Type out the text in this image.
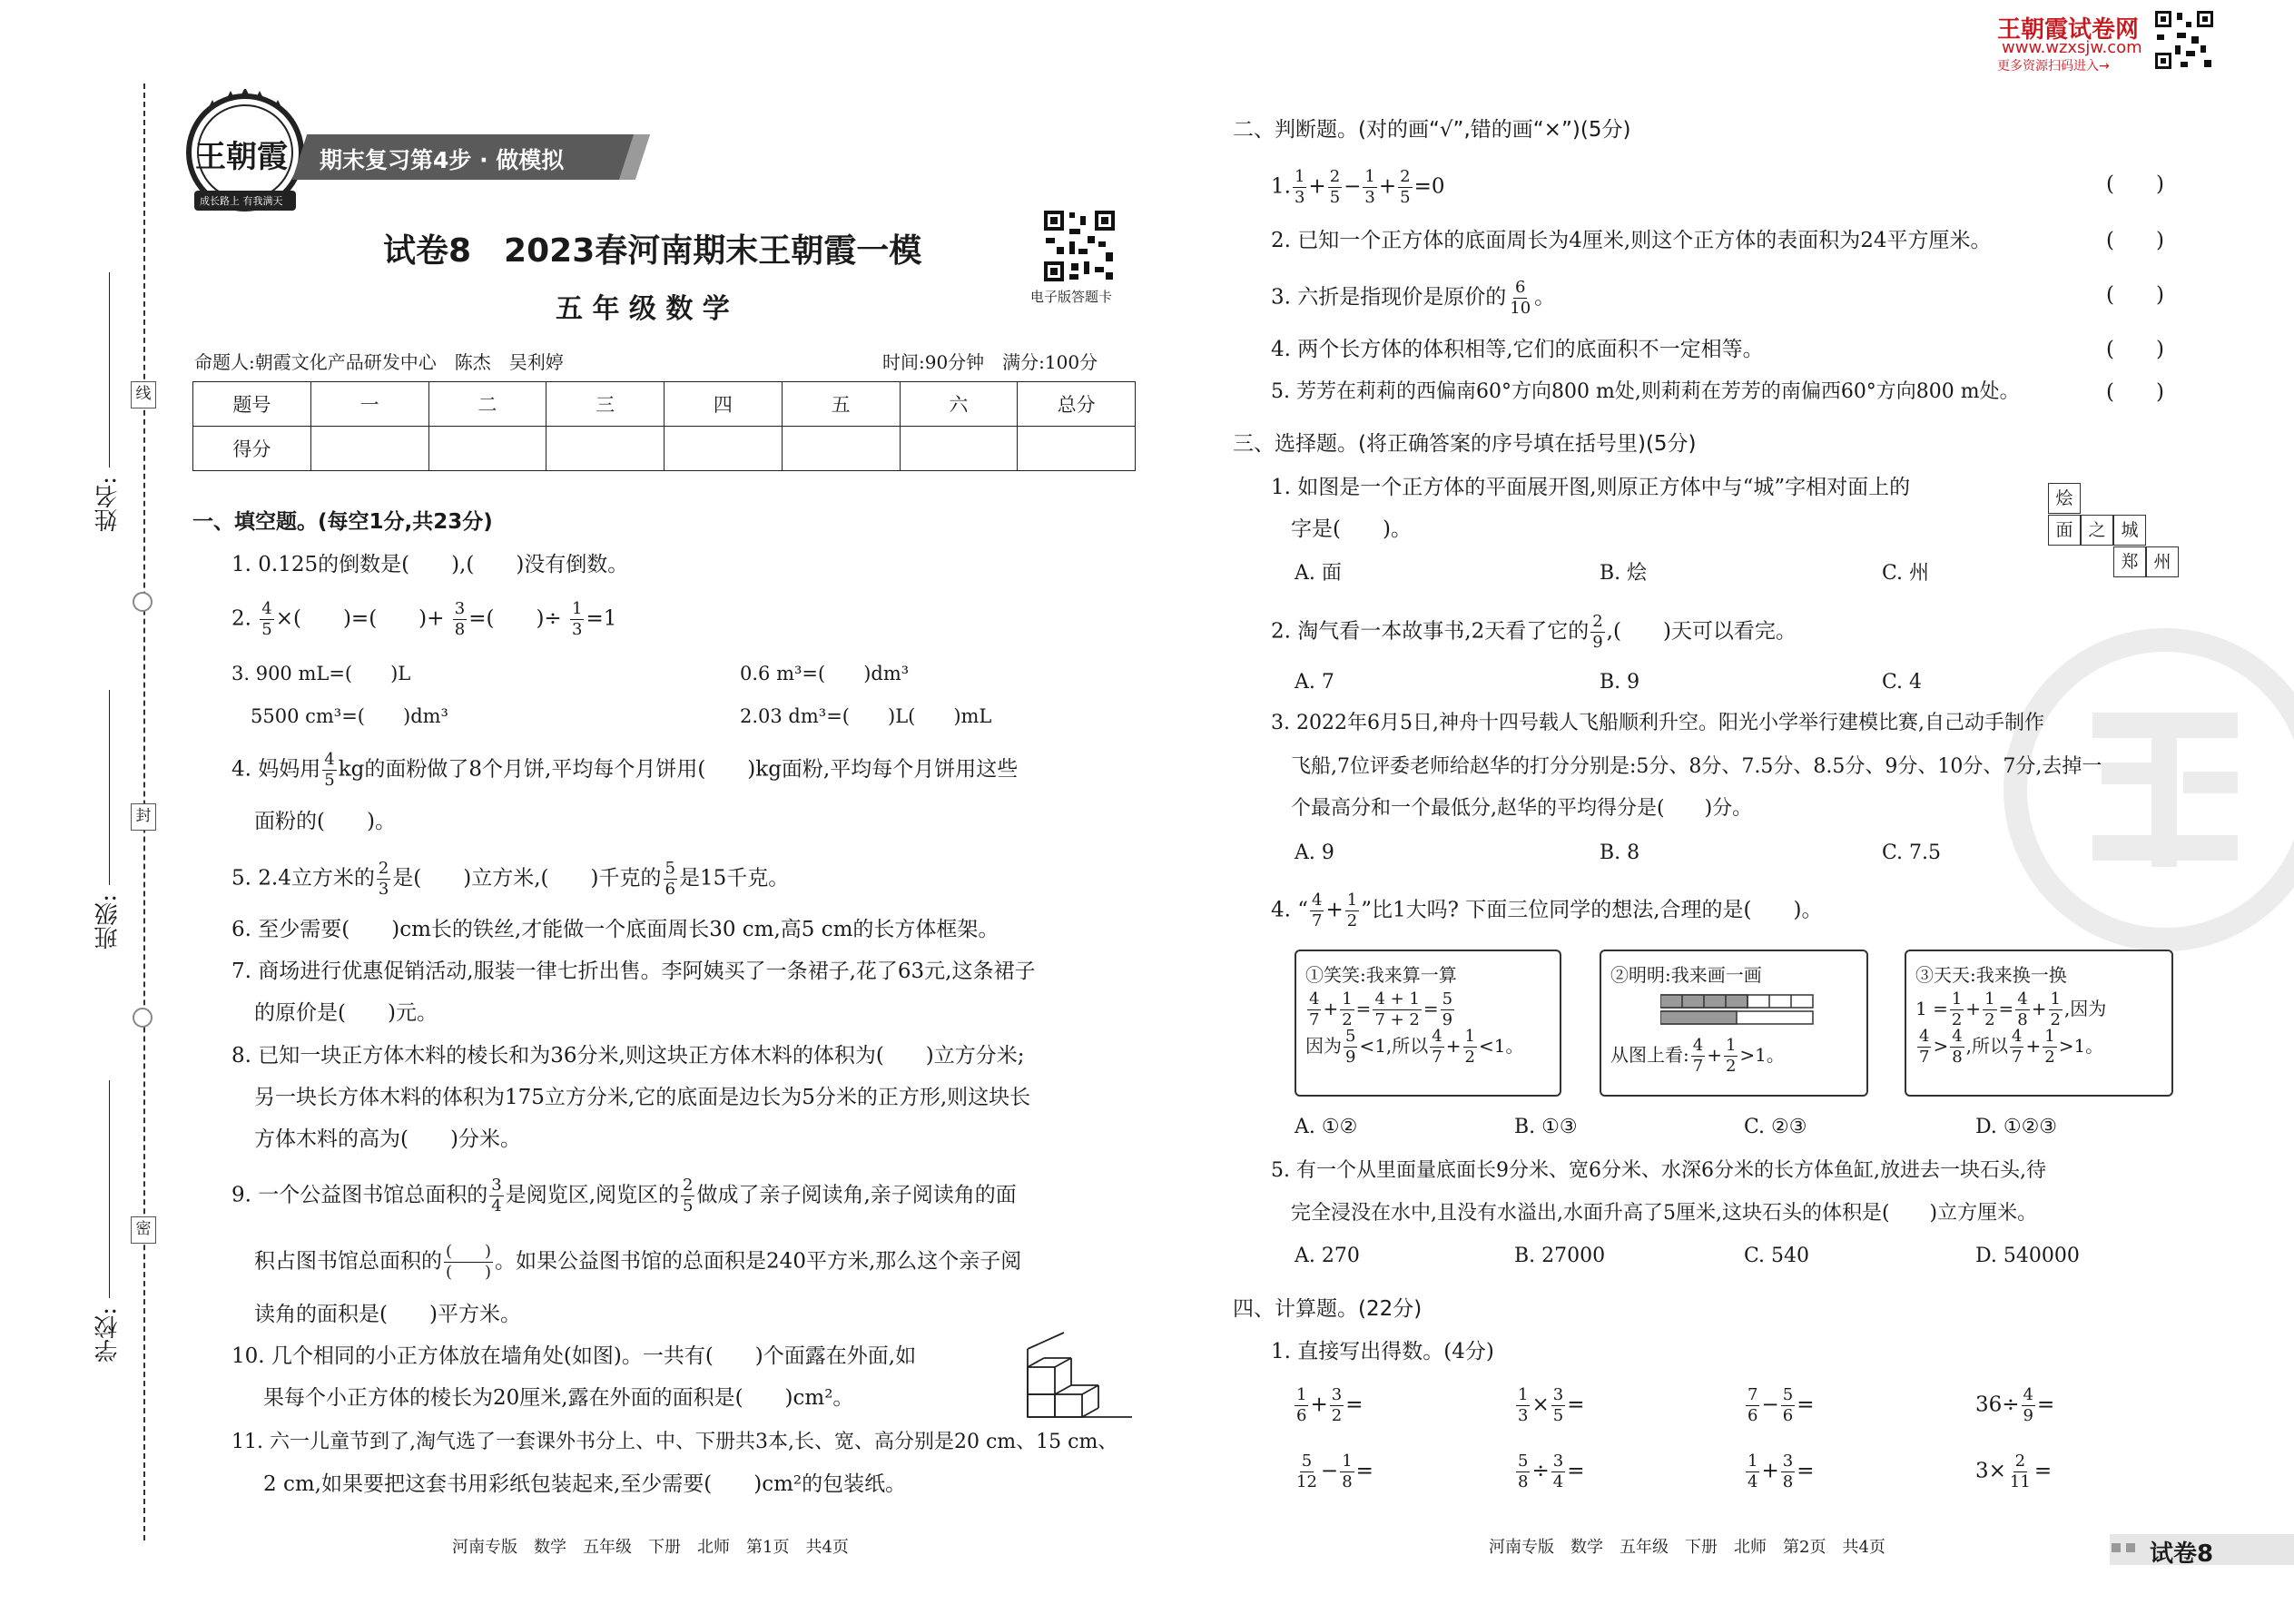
线
封
密
姓名:
班级:
学校:
王朝霞
成长路上 有我满天
期末复习第4步 · 做模拟
试卷8　2023春河南期末王朝霞一模
五 年 级 数 学	电子版答题卡
命题人:朝霞文化产品研发中心　陈杰　吴利婷	时间:90分钟　满分:100分
题号	一	二	三	四	五	六	总分
得分							
一、填空题。(每空1分,共23分)
1. 0.125的倒数是(　　),(　　)没有倒数。
2. $\frac{4}{5}$ ×(　　)=(　　)+ $\frac{3}{8}$ =(　　)÷ $\frac{1}{3} =1$
3. 900 mL=(　　)L	0.6 m³=(　　)dm³
5500 cm³=(　　)dm³	2.03 dm³=(　　)L(　　)mL
4. 妈妈用 $\frac{4}{5}$ kg的面粉做了8个月饼,平均每个月饼用(　　)kg面粉,平均每个月饼用这些
面粉的(　　)。
5. 2.4立方米的 $\frac{2}{3}$ 是(　　)立方米,(　　)千克的 $\frac{5}{6}$ 是15千克。
6. 至少需要(　　)cm长的铁丝,才能做一个底面周长30 cm,高5 cm的长方体框架。
7. 商场进行优惠促销活动,服装一律七折出售。李阿姨买了一条裙子,花了63元,这条裙子
的原价是(　　)元。
8. 已知一块正方体木料的棱长和为36分米,则这块正方体木料的体积为(　　)立方分米;
另一块长方体木料的体积为175立方分米,它的底面是边长为5分米的正方形,则这块长
方体木料的高为(　　)分米。
9. 一个公益图书馆总面积的 $\frac{3}{4}$ 是阅览区,阅览区的 $\frac{2}{5}$ 做成了亲子阅读角,亲子阅读角的面
积占图书馆总面积的 (　　)
(　　) 。如果公益图书馆的总面积是240平方米,那么这个亲子阅
读角的面积是(　　)平方米。
10. 几个相同的小正方体放在墙角处(如图)。一共有(　　)个面露在外面,如
果每个小正方体的棱长为20厘米,露在外面的面积是(　　)cm²。
11. 六一儿童节到了,淘气选了一套课外书分上、中、下册共3本,长、宽、高分别是20 cm、15 cm、
2 cm,如果要把这套书用彩纸包装起来,至少需要(　　)cm²的包装纸。
河南专版　数学　五年级　下册　北师　第1页　共4页
王朝霞试卷网
www.wzxsjw.com
更多资源扫码进入→
二、判断题。(对的画“√”,错的画“×”)(5分)
1. $\frac{1}{3} + \frac{2}{5} - \frac{1}{3} + \frac{2}{5} =0$	(　　)
2. 已知一个正方体的底面周长为4厘米,则这个正方体的表面积为24平方厘米。	(　　)
3. 六折是指现价是原价的 $\frac{6}{10}$ 。	(　　)
4. 两个长方体的体积相等,它们的底面积不一定相等。	(　　)
5. 芳芳在莉莉的西偏南60°方向800 m处,则莉莉在芳芳的南偏西60°方向800 m处。	(　　)
三、选择题。(将正确答案的序号填在括号里)(5分)
1. 如图是一个正方体的平面展开图,则原正方体中与“城”字相对面上的
字是(　　)。
烩
面 之 城
郑 州
A. 面	B. 烩	C. 州
2. 淘气看一本故事书,2天看了它的 $\frac{2}{9}$ ,(　　)天可以看完。
A. 7	B. 9	C. 4
3. 2022年6月5日,神舟十四号载人飞船顺利升空。阳光小学举行建模比赛,自己动手制作
飞船,7位评委老师给赵华的打分分别是:5分、8分、7.5分、8.5分、9分、10分、7分,去掉一
个最高分和一个最低分,赵华的平均得分是(　　)分。
A. 9	B. 8	C. 7.5
4. “ $\frac{4}{7} + \frac{1}{2}$ ”比1大吗? 下面三位同学的想法,合理的是(　　)。
①笑笑:我来算一算
$\frac{4}{7} + \frac{1}{2} = \frac{4 + 1}{7 + 2} = \frac{5}{9}$
因为 $\frac{5}{9} <1$,所以 $\frac{4}{7} + \frac{1}{2} <1$。
②明明:我来画一画
从图上看: $\frac{4}{7} + \frac{1}{2} >1$。
③天天:我来换一换
$1 = \frac{1}{2} + \frac{1}{2} = \frac{4}{8} + \frac{1}{2}$ ,因为
$\frac{4}{7} > \frac{4}{8}$ ,所以 $\frac{4}{7} + \frac{1}{2} >1$。
A. ①②	B. ①③	C. ②③	D. ①②③
5. 有一个从里面量底面长9分米、宽6分米、水深6分米的长方体鱼缸,放进去一块石头,待
完全浸没在水中,且没有水溢出,水面升高了5厘米,这块石头的体积是(　　)立方厘米。
A. 270	B. 27000	C. 540	D. 540000
四、计算题。(22分)
1. 直接写出得数。(4分)
$\frac{1}{6} + \frac{3}{2}$ =	$\frac{1}{3} \times \frac{3}{5}$ =	$\frac{7}{6} - \frac{5}{6}$ =	$36\div \frac{4}{9}$ =
$\frac{5}{12} - \frac{1}{8}$ =	$\frac{5}{8} \div \frac{3}{4}$ =	$\frac{1}{4} + \frac{3}{8}$ =	$3\times \frac{2}{11}$ =
河南专版　数学　五年级　下册　北师　第2页　共4页	试卷8
